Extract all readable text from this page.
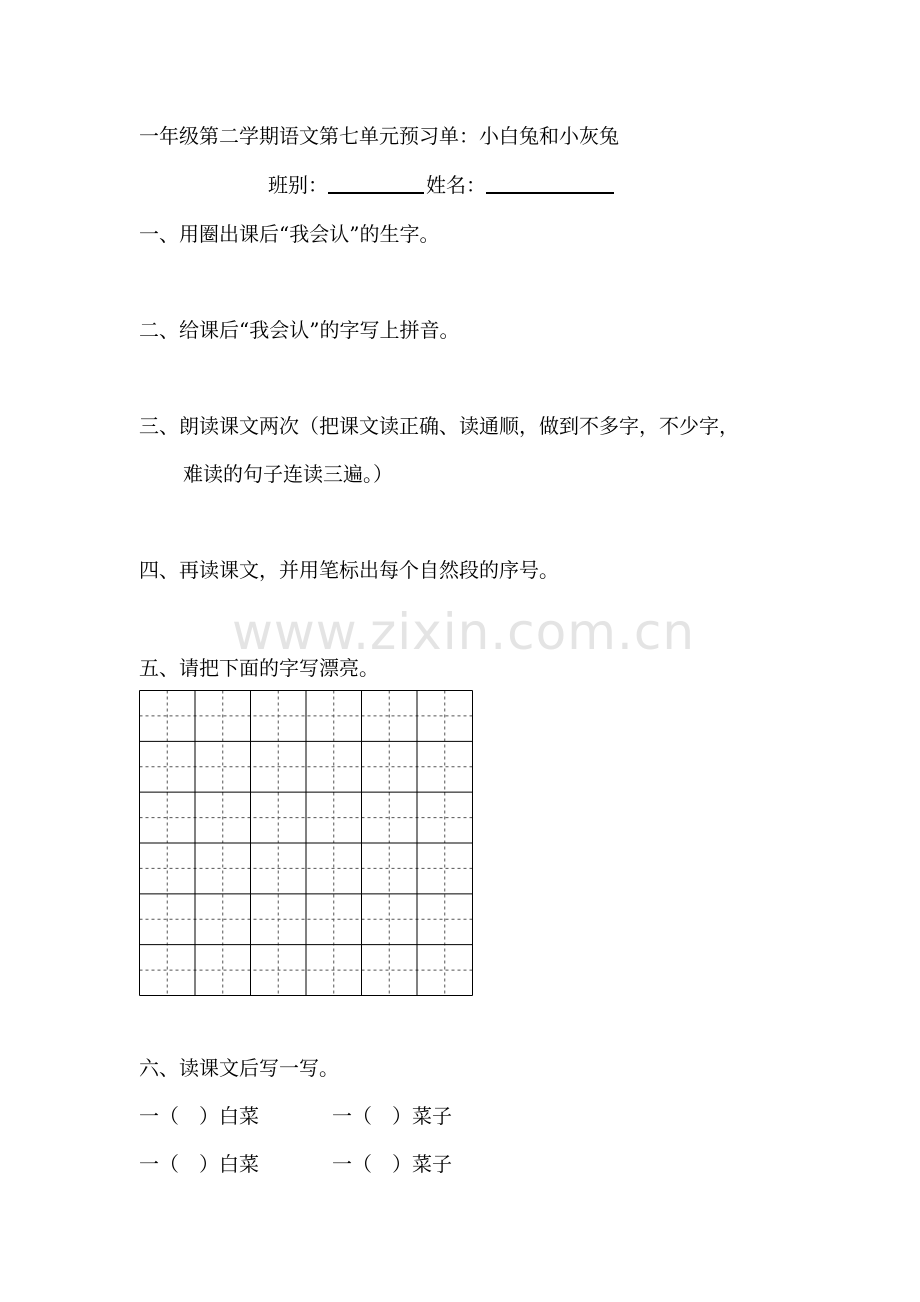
一年级第二学期语文第七单元预习单：小白兔和小灰兔
班别：	姓名：
一、用圈出课后“我会认”的生字。
二、给课后“我会认”的字写上拼音。
三、朗读课文两次（把课文读正确、读通顺，做到不多字，不少字，
难读的句子连读三遍。）
四、再读课文，并用笔标出每个自然段的序号。
www.zixin.com.cn
五、请把下面的字写漂亮。
六、读课文后写一写。
一（　）白菜	一（　）菜子
一（　）白菜	一（　）菜子
